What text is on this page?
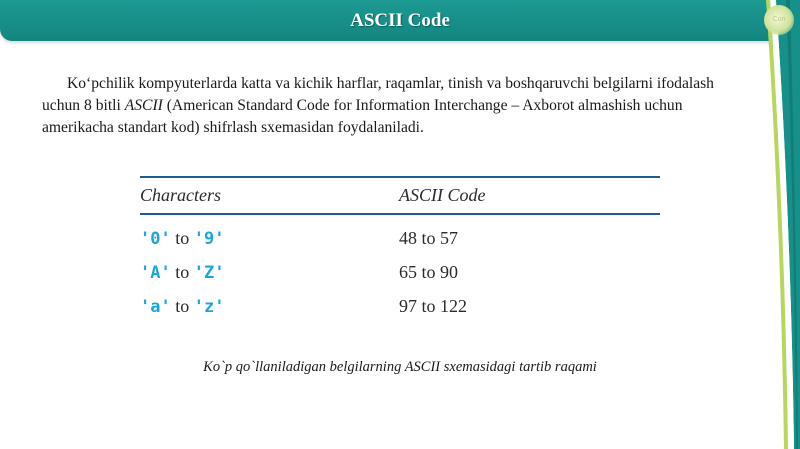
ASCII Code	Con

Ko‘pchilik kompyuterlarda katta va kichik harflar, raqamlar, tinish va boshqaruvchi belgilarni ifodalash uchun 8 bitli ASCII (American Standard Code for Information Interchange – Axborot almashish uchun amerikacha standart kod) shifrlash sxemasidan foydalaniladi.

Characters	ASCII Code
'0' to '9'	48 to 57
'A' to 'Z'	65 to 90
'a' to 'z'	97 to 122

Ko`p qo`llaniladigan belgilarning ASCII sxemasidagi tartib raqami
